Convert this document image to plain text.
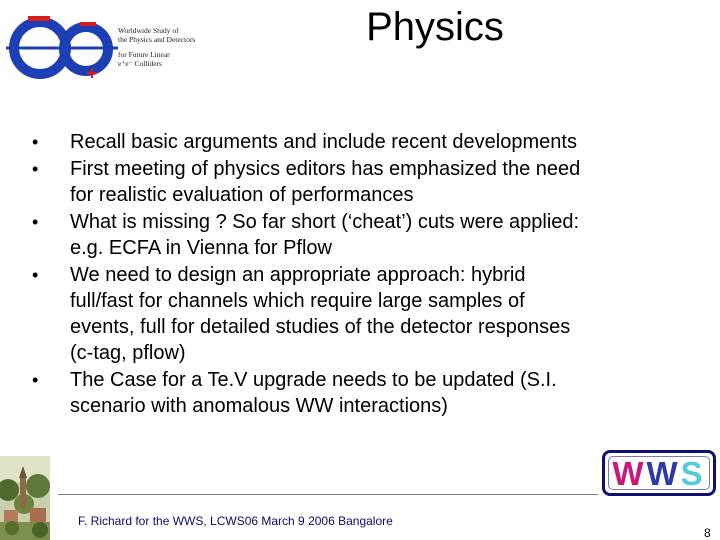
Worldwide Study of
the Physics and Detectors
for Future Linear
e⁺e⁻ Colliders
Physics
• Recall basic arguments and include recent developments
• First meeting of physics editors has emphasized the need
for realistic evaluation of performances
• What is missing ? So far short (‘cheat’) cuts were applied:
e.g. ECFA in Vienna for Pflow
• We need to design an appropriate approach: hybrid
full/fast for channels which require large samples of
events, full for detailed studies of the detector responses
(c-tag, pflow)
• The Case for a Te.V upgrade needs to be updated (S.I.
scenario with anomalous WW interactions)
WWS
F. Richard for the WWS, LCWS06 March 9 2006 Bangalore
8
